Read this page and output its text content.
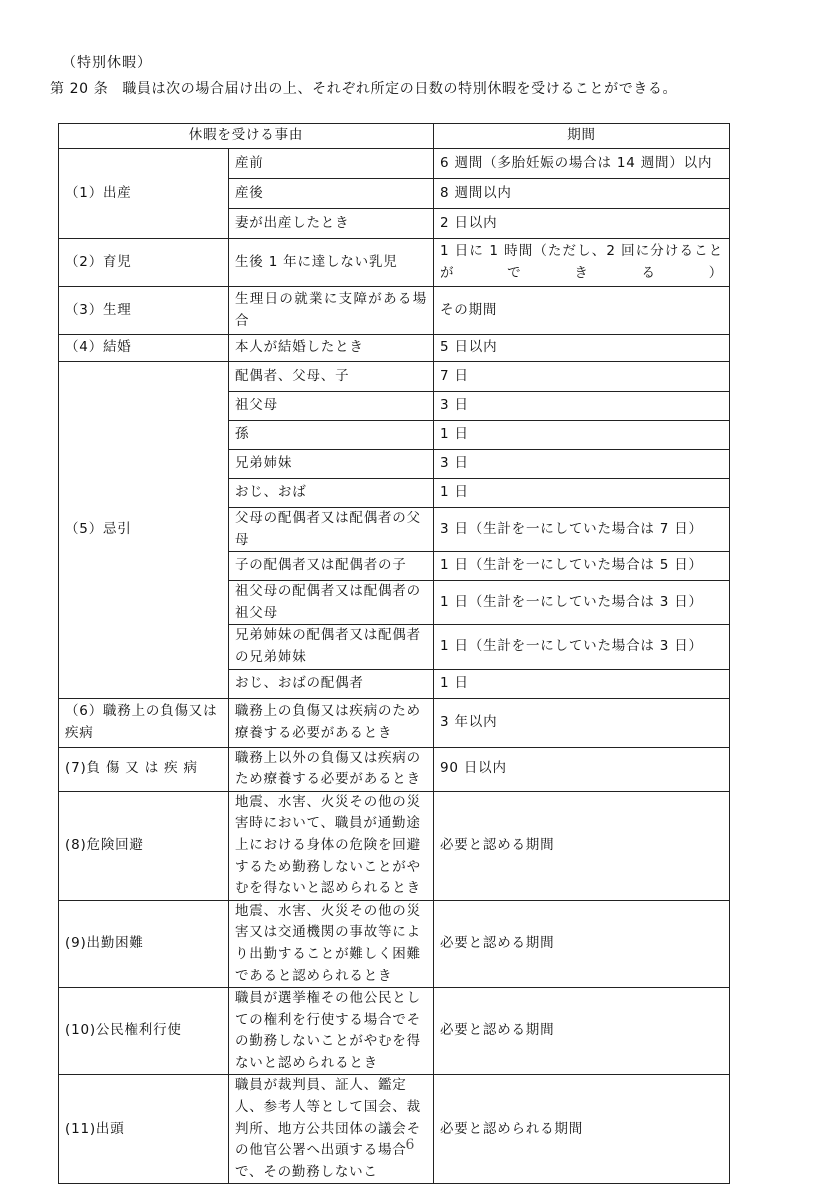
（特別休暇）
第 20 条 職員は次の場合届け出の上、それぞれ所定の日数の特別休暇を受けることができる。
休暇を受ける事由		期間
（1）出産	産前	6 週間（多胎妊娠の場合は 14 週間）以内
	産後	8 週間以内
	妻が出産したとき	2 日以内
（2）育児	生後 1 年に達しない乳児	1 日に 1 時間（ただし、2 回に分けることができる）
（3）生理	生理日の就業に支障がある場合	その期間
（4）結婚	本人が結婚したとき	5 日以内
（5）忌引	配偶者、父母、子	7 日
	祖父母	3 日
	孫	1 日
	兄弟姉妹	3 日
	おじ、おば	1 日
	父母の配偶者又は配偶者の父母	3 日（生計を一にしていた場合は 7 日）
	子の配偶者又は配偶者の子	1 日（生計を一にしていた場合は 5 日）
	祖父母の配偶者又は配偶者の祖父母	1 日（生計を一にしていた場合は 3 日）
	兄弟姉妹の配偶者又は配偶者の兄弟姉妹	1 日（生計を一にしていた場合は 3 日）
	おじ、おばの配偶者	1 日
（6）職務上の負傷又は疾病	職務上の負傷又は疾病のため療養する必要があるとき	3 年以内
(7)負 傷 又 は 疾 病	職務上以外の負傷又は疾病のため療養する必要があるとき	90 日以内
(8)危険回避	地震、水害、火災その他の災害時において、職員が通勤途上における身体の危険を回避するため勤務しないことがやむを得ないと認められるとき	必要と認める期間
(9)出勤困難	地震、水害、火災その他の災害又は交通機関の事故等により出勤することが難しく困難であると認められるとき	必要と認める期間
(10)公民権利行使	職員が選挙権その他公民としての権利を行使する場合でその勤務しないことがやむを得ないと認められるとき	必要と認める期間
(11)出頭	職員が裁判員、証人、鑑定人、参考人等として国会、裁判所、地方公共団体の議会その他官公署へ出頭する場合で、その勤務しないこ	必要と認められる期間
6
